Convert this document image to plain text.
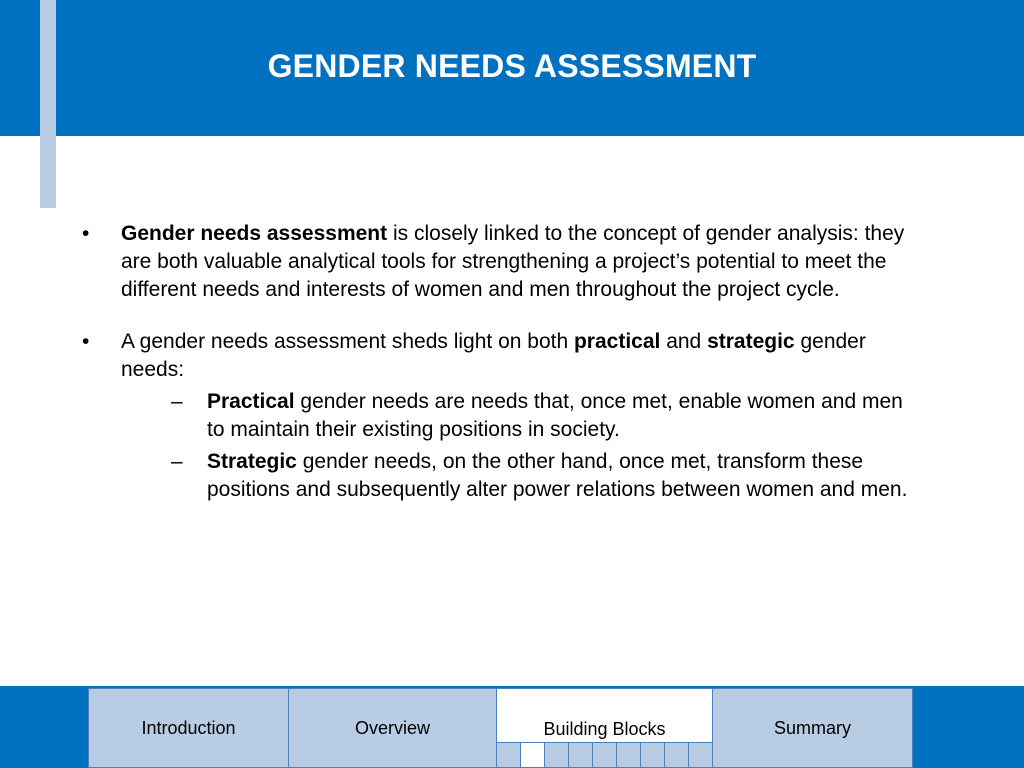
GENDER NEEDS ASSESSMENT
• Gender needs assessment is closely linked to the concept of gender analysis: they are both valuable analytical tools for strengthening a project’s potential to meet the different needs and interests of women and men throughout the project cycle.
• A gender needs assessment sheds light on both practical and strategic gender needs:
– Practical gender needs are needs that, once met, enable women and men to maintain their existing positions in society.
– Strategic gender needs, on the other hand, once met, transform these positions and subsequently alter power relations between women and men.
Introduction	Overview	Building Blocks	Summary
